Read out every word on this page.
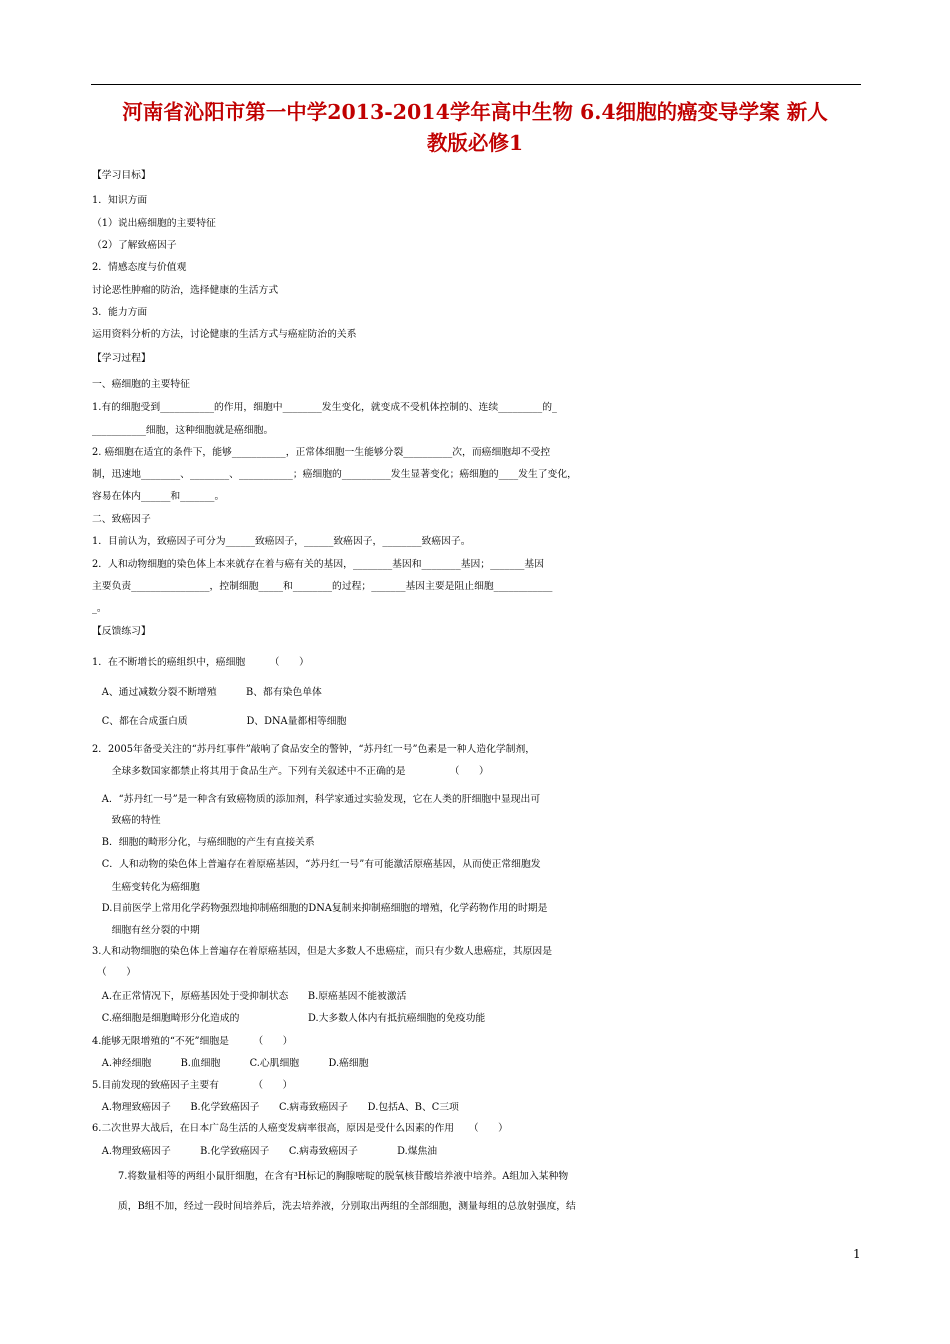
河南省沁阳市第一中学2013-2014学年高中生物 6.4细胞的癌变导学案 新人
教版必修1
【学习目标】
1．知识方面
（1）说出癌细胞的主要特征
（2）了解致癌因子
2．情感态度与价值观
讨论恶性肿瘤的防治，选择健康的生活方式
3．能力方面
运用资料分析的方法，讨论健康的生活方式与癌症防治的关系
【学习过程】
一、癌细胞的主要特征
1.有的细胞受到___________的作用，细胞中________发生变化，就变成不受机体控制的、连续_________的_
___________细胞，这种细胞就是癌细胞。
2. 癌细胞在适宜的条件下，能够___________，正常体细胞一生能够分裂__________次，而癌细胞却不受控
制，迅速地________、________、___________；癌细胞的__________发生显著变化；癌细胞的____发生了变化，
容易在体内______和_______。
二、致癌因子
1．目前认为，致癌因子可分为______致癌因子，______致癌因子，________致癌因子。
2．人和动物细胞的染色体上本来就存在着与癌有关的基因，________基因和________基因；_______基因
主要负责________________，控制细胞_____和________的过程；_______基因主要是阻止细胞____________
_。
【反馈练习】
1．在不断增长的癌组织中，癌细胞　　　（　　）
　A、通过减数分裂不断增殖　　　B、都有染色单体
　C、都在合成蛋白质　　　　　　D、DNA量都相等细胞
2．2005年备受关注的“苏丹红事件”敲响了食品安全的警钟，“苏丹红一号”色素是一种人造化学制剂，
　　全球多数国家都禁止将其用于食品生产。下列有关叙述中不正确的是　　　　　（　　）
　A．“苏丹红一号”是一种含有致癌物质的添加剂，科学家通过实验发现，它在人类的肝细胞中显现出可
　　致癌的特性
　B．细胞的畸形分化，与癌细胞的产生有直接关系
　C．人和动物的染色体上普遍存在着原癌基因，“苏丹红一号”有可能激活原癌基因，从而使正常细胞发
　　生癌变转化为癌细胞
　D.目前医学上常用化学药物强烈地抑制癌细胞的DNA复制来抑制癌细胞的增殖，化学药物作用的时期是
　　细胞有丝分裂的中期
3.人和动物细胞的染色体上普遍存在着原癌基因，但是大多数人不患癌症，而只有少数人患癌症，其原因是
　（　　）
　A.在正常情况下，原癌基因处于受抑制状态　　B.原癌基因不能被激活
　C.癌细胞是细胞畸形分化造成的　　　　　　　D.大多数人体内有抵抗癌细胞的免疫功能
4.能够无限增殖的“不死”细胞是　　　（　　）
　A.神经细胞　　　B.血细胞　　　C.心肌细胞　　　D.癌细胞
5.目前发现的致癌因子主要有　　　　（　　）
　A.物理致癌因子　　B.化学致癌因子　　C.病毒致癌因子　　D.包括A、B、C三项
6.二次世界大战后，在日本广岛生活的人癌变发病率很高，原因是受什么因素的作用　　（　　）
　A.物理致癌因子　　　B.化学致癌因子　　C.病毒致癌因子　　　　D.煤焦油
7.将数量相等的两组小鼠肝细胞，在含有³H标记的胸腺嘧啶的脱氧核苷酸培养液中培养。A组加入某种物
质，B组不加，经过一段时间培养后，洗去培养液，分别取出两组的全部细胞，测量每组的总放射强度，结
1
